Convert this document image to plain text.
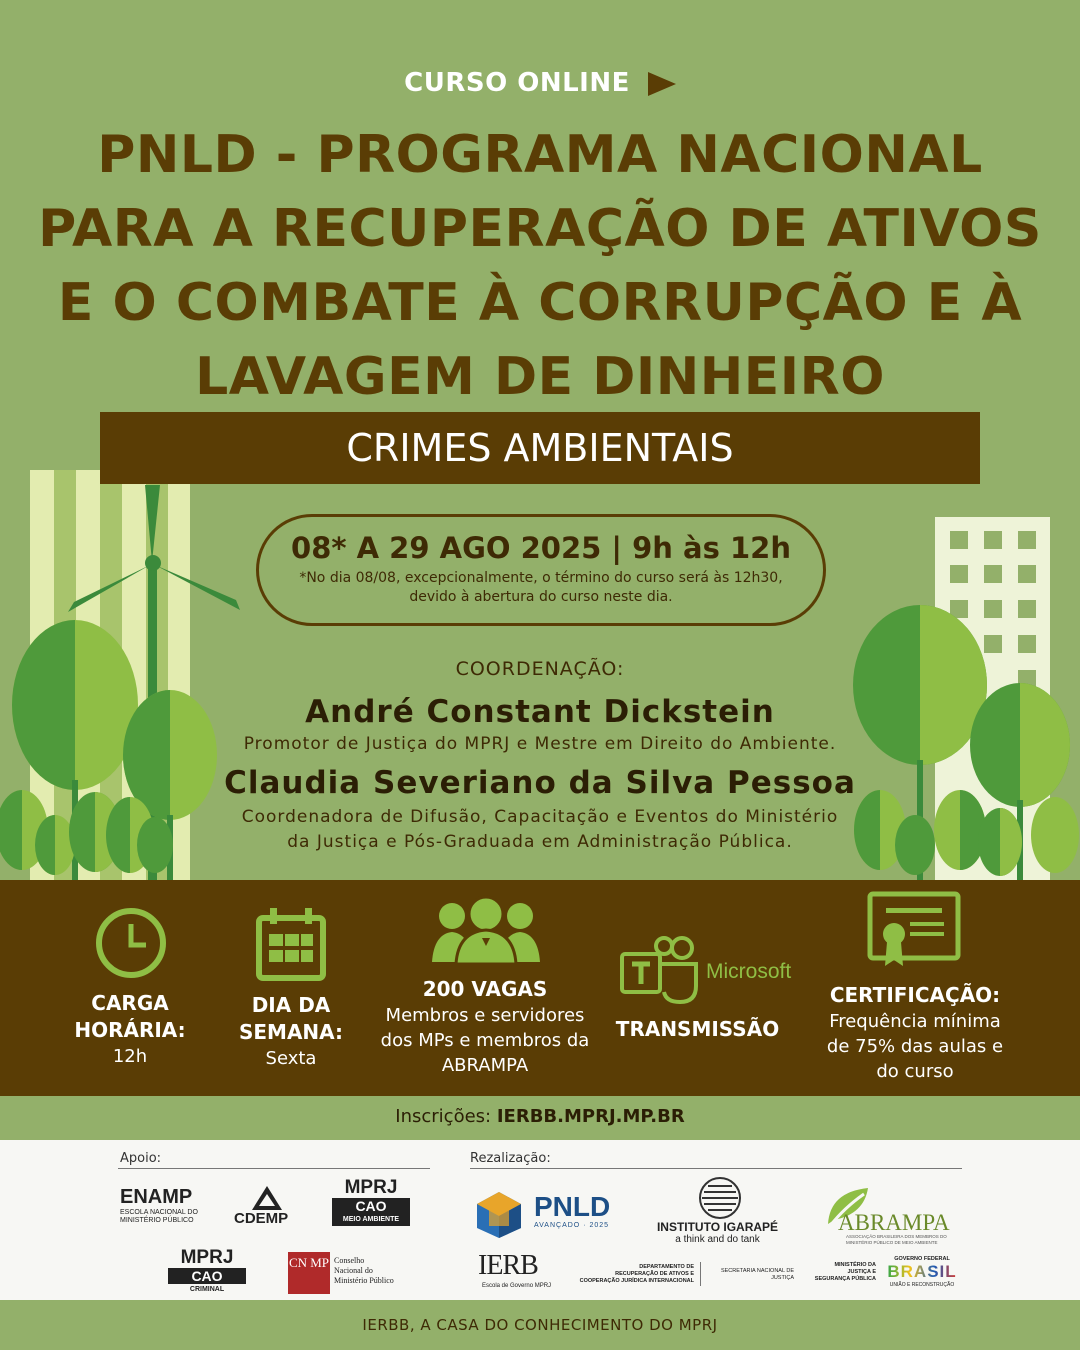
CURSO ONLINE
PNLD - PROGRAMA NACIONAL
PARA A RECUPERAÇÃO DE ATIVOS
E O COMBATE À CORRUPÇÃO E À
LAVAGEM DE DINHEIRO
CRIMES AMBIENTAIS
08* A 29 AGO 2025 | 9h às 12h
*No dia 08/08, excepcionalmente, o término do curso será às 12h30,
devido à abertura do curso neste dia.
COORDENAÇÃO:
André Constant Dickstein
Promotor de Justiça do MPRJ e Mestre em Direito do Ambiente.
Claudia Severiano da Silva Pessoa
Coordenadora de Difusão, Capacitação e Eventos do Ministério
da Justiça e Pós-Graduada em Administração Pública.
CARGA
HORÁRIA:
12h
DIA DA
SEMANA:
Sexta
200 VAGAS
Membros e servidores
dos MPs e membros da
ABRAMPA
Microsoft
TRANSMISSÃO
CERTIFICAÇÃO:
Frequência mínima
de 75% das aulas e
do curso
Inscrições: IERBB.MPRJ.MP.BR
Apoio:	Rezalização:
ENAMP
ESCOLA NACIONAL DO
MINISTÉRIO PÚBLICO	CDEMP
MPRJ
CAO
MEIO AMBIENTE
MPRJ
CAO
CRIMINAL
CN MP Conselho
Nacional do
Ministério Público
PNLD
AVANÇADO · 2025	INSTITUTO IGARAPÉ
a think and do tank
ABRAMPA
ASSOCIAÇÃO BRASILEIRA DOS MEMBROS DO
MINISTÉRIO PÚBLICO DE MEIO AMBIENTE
IERB
Escola de Governo MPRJ
DEPARTAMENTO DE
RECUPERAÇÃO DE ATIVOS E
COOPERAÇÃO JURÍDICA INTERNACIONAL
SECRETARIA NACIONAL DE
JUSTIÇA
MINISTÉRIO DA
JUSTIÇA E
SEGURANÇA PÚBLICA
GOVERNO FEDERAL
BRASIL
UNIÃO E RECONSTRUÇÃO
IERBB, A CASA DO CONHECIMENTO DO MPRJ
